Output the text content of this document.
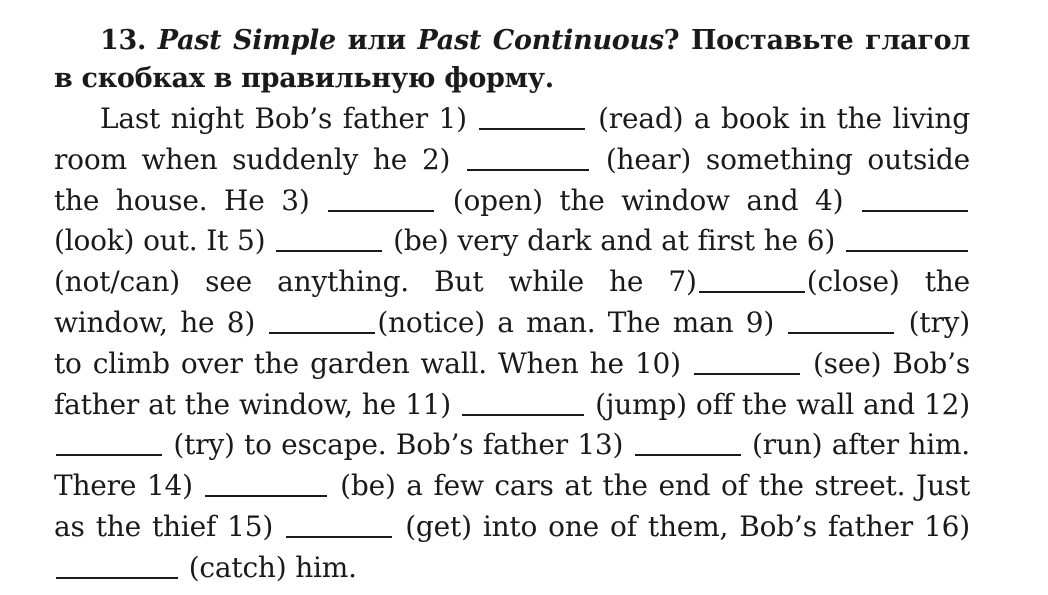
13. Past Simple или Past Continuous? Поставьте глагол в скобках в правильную форму.

Last night Bob’s father 1)	(read) a book in the living room when suddenly he 2)	(hear) something outside the house. He 3)	(open) the window and 4)  (look) out. It 5)	(be) very dark and at first he 6)  (not/can) see anything. But while he 7)	(close) the window, he 8)	(notice) a man. The man 9)	(try) to climb over the garden wall. When he 10)	(see) Bob’s father at the window, he 11)	(jump) off the wall and 12)  (try) to escape. Bob’s father 13)	(run) after him. There 14)	(be) a few cars at the end of the street. Just as the thief 15)	(get) into one of them, Bob’s father 16)  (catch) him.
